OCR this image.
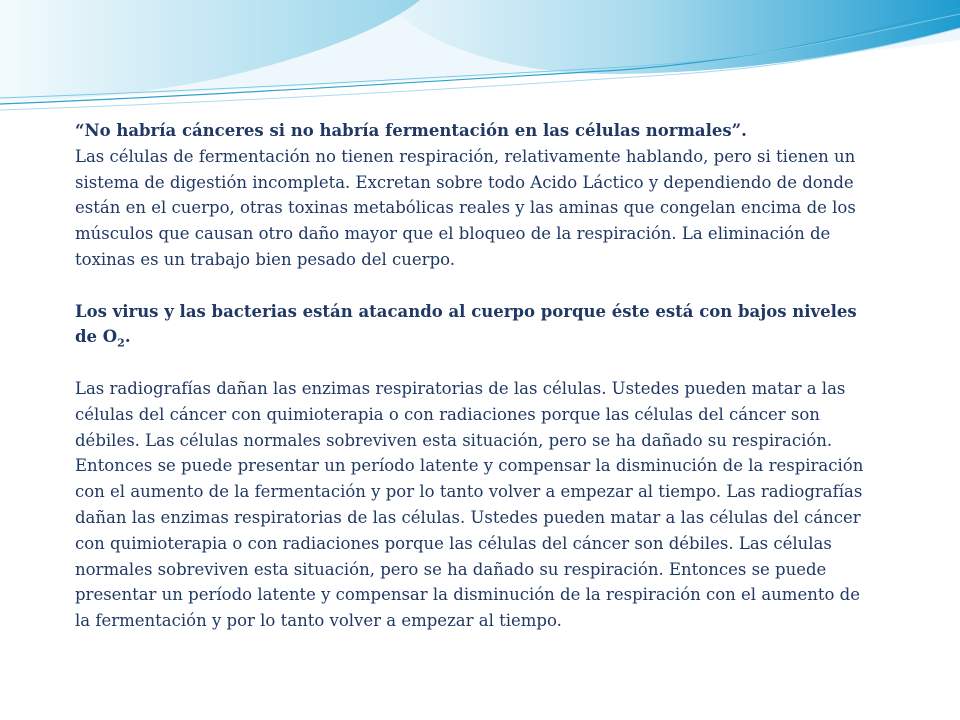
“No habría cánceres si no habría fermentación en las células normales”.

Las células de fermentación no tienen respiración, relativamente hablando, pero si tienen un sistema de digestión incompleta. Excretan sobre todo Acido Láctico y dependiendo de donde están en el cuerpo, otras toxinas metabólicas reales y las aminas que congelan encima de los músculos que causan otro daño mayor que el bloqueo de la respiración. La eliminación de toxinas es un trabajo bien pesado del cuerpo.

Los virus y las bacterias están atacando al cuerpo porque éste está con bajos niveles de $O_2$.

Las radiografías dañan las enzimas respiratorias de las células. Ustedes pueden matar a las células del cáncer con quimioterapia o con radiaciones porque las células del cáncer son débiles. Las células normales sobreviven esta situación, pero se ha dañado su respiración. Entonces se puede presentar un período latente y compensar la disminución de la respiración con el aumento de la fermentación y por lo tanto volver a empezar al tiempo. Las radiografías dañan las enzimas respiratorias de las células. Ustedes pueden matar a las células del cáncer con quimioterapia o con radiaciones porque las células del cáncer son débiles. Las células normales sobreviven esta situación, pero se ha dañado su respiración. Entonces se puede presentar un período latente y compensar la disminución de la respiración con el aumento de la fermentación y por lo tanto volver a empezar al tiempo.
